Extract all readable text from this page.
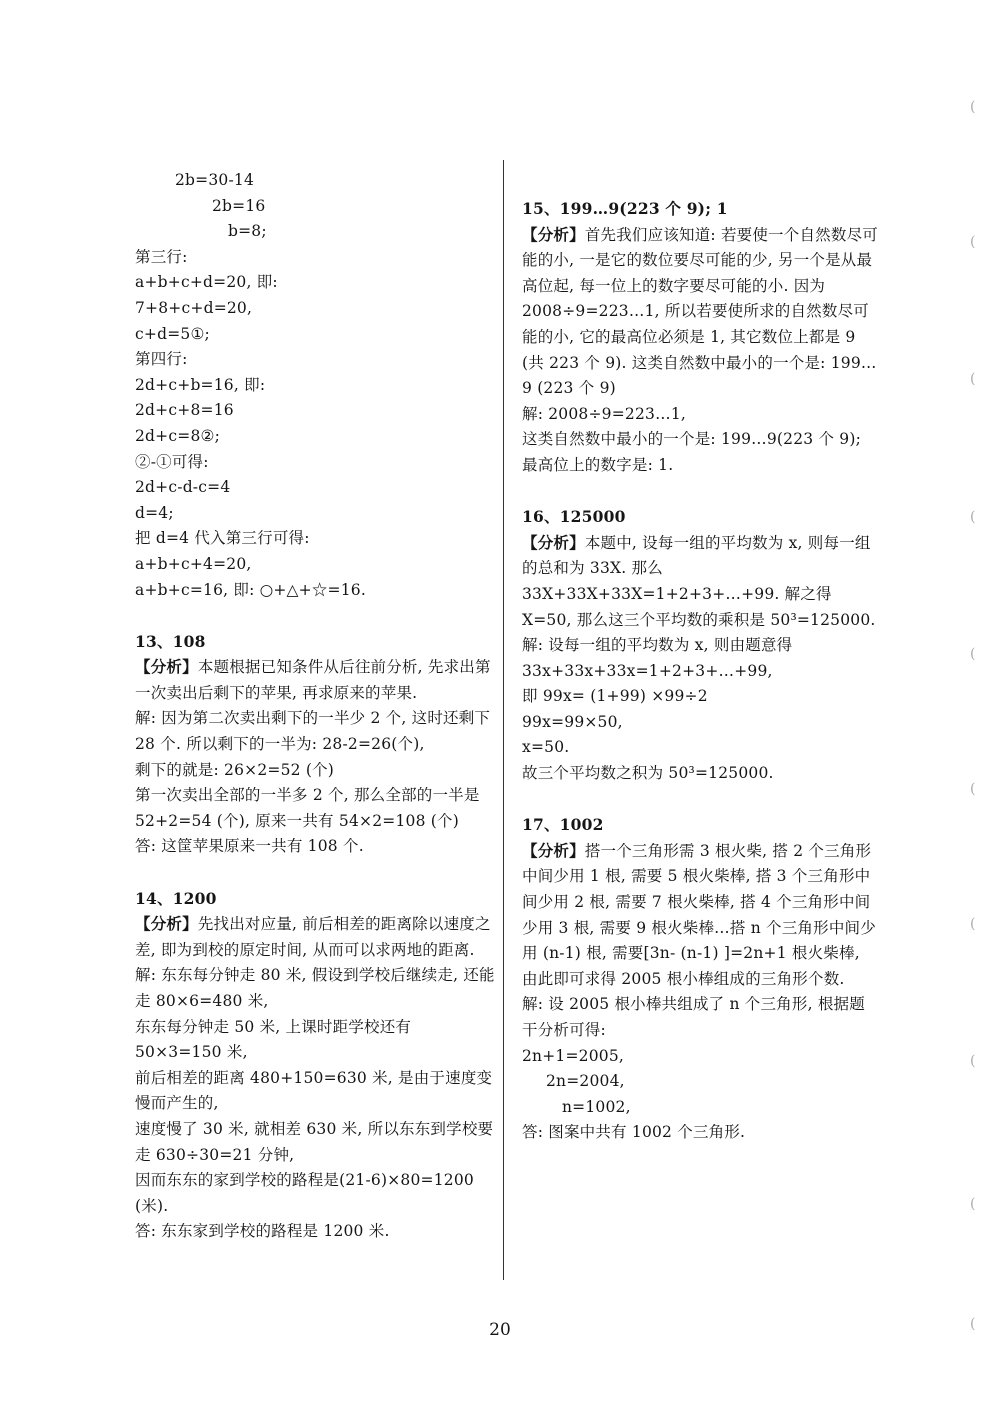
2b=30-14
2b=16
b=8;
第三行:
a+b+c+d=20, 即:
7+8+c+d=20,
c+d=5①;
第四行:
2d+c+b=16, 即:
2d+c+8=16
2d+c=8②;
②-①可得:
2d+c-d-c=4
d=4;
把 d=4 代入第三行可得:
a+b+c+4=20,
a+b+c=16, 即: ○+△+☆=16.
13、108
【分析】本题根据已知条件从后往前分析, 先求出第一次卖出后剩下的苹果, 再求原来的苹果.
解: 因为第二次卖出剩下的一半少 2 个, 这时还剩下 28 个. 所以剩下的一半为: 28-2=26(个),
剩下的就是: 26×2=52 (个)
第一次卖出全部的一半多 2 个, 那么全部的一半是 52+2=54 (个), 原来一共有 54×2=108 (个)
答: 这筐苹果原来一共有 108 个.
14、1200
【分析】先找出对应量, 前后相差的距离除以速度之差, 即为到校的原定时间, 从而可以求两地的距离.
解: 东东每分钟走 80 米, 假设到学校后继续走, 还能走 80×6=480 米,
东东每分钟走 50 米, 上课时距学校还有 50×3=150 米,
前后相差的距离 480+150=630 米, 是由于速度变慢而产生的,
速度慢了 30 米, 就相差 630 米, 所以东东到学校要走 630÷30=21 分钟,
因而东东的家到学校的路程是(21-6)×80=1200 (米).
答: 东东家到学校的路程是 1200 米.
15、199…9(223 个 9); 1
【分析】首先我们应该知道: 若要使一个自然数尽可能的小, 一是它的数位要尽可能的少, 另一个是从最高位起, 每一位上的数字要尽可能的小. 因为 2008÷9=223…1, 所以若要使所求的自然数尽可能的小, 它的最高位必须是 1, 其它数位上都是 9 (共 223 个 9). 这类自然数中最小的一个是: 199…9 (223 个 9)
解: 2008÷9=223…1,
这类自然数中最小的一个是: 199…9(223 个 9);
最高位上的数字是: 1.
16、125000
【分析】本题中, 设每一组的平均数为 x, 则每一组的总和为 33X. 那么 33X+33X+33X=1+2+3+…+99. 解之得 X=50, 那么这三个平均数的乘积是 50³=125000.
解: 设每一组的平均数为 x, 则由题意得
33x+33x+33x=1+2+3+…+99,
即 99x= (1+99) ×99÷2
99x=99×50,
x=50.
故三个平均数之积为 50³=125000.
17、1002
【分析】搭一个三角形需 3 根火柴, 搭 2 个三角形中间少用 1 根, 需要 5 根火柴棒, 搭 3 个三角形中间少用 2 根, 需要 7 根火柴棒, 搭 4 个三角形中间少用 3 根, 需要 9 根火柴棒…搭 n 个三角形中间少用 (n-1) 根, 需要[3n- (n-1) ]=2n+1 根火柴棒, 由此即可求得 2005 根小棒组成的三角形个数.
解: 设 2005 根小棒共组成了 n 个三角形, 根据题干分析可得:
2n+1=2005,
2n=2004,
n=1002,
答: 图案中共有 1002 个三角形.
20
(
(
(
(
(
(
(
(
(
(
